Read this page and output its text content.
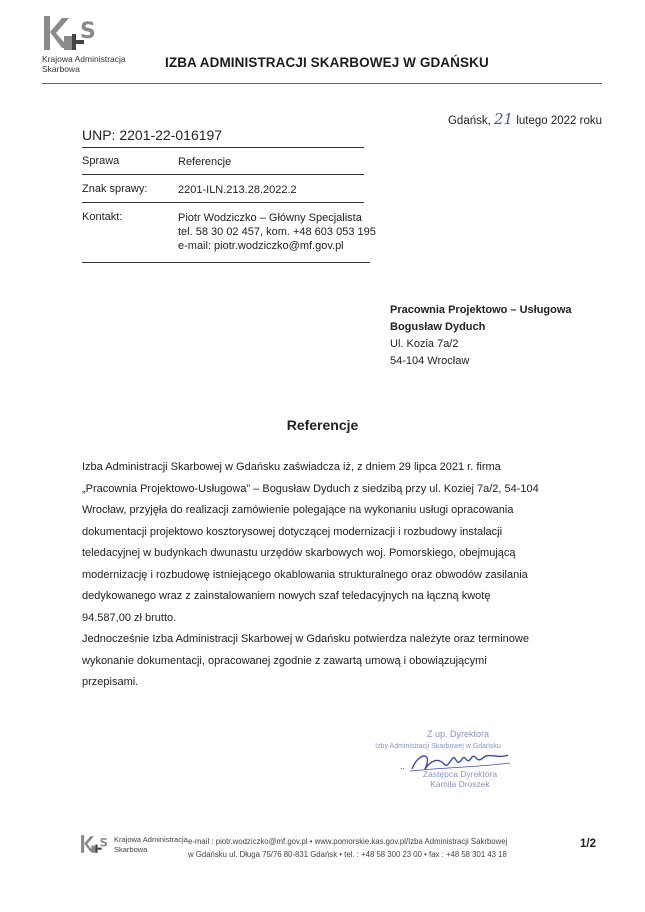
S
Krajowa Administracja
Skarbowa	IZBA ADMINISTRACJI SKARBOWEJ W GDAŃSKU
Gdańsk, 21 lutego 2022 roku
UNP: 2201-22-016197
Sprawa	Referencje
Znak sprawy:	2201-ILN.213.28.2022.2
Kontakt:	Piotr Wodziczko – Główny Specjalista
tel. 58 30 02 457, kom. +48 603 053 195
e-mail: piotr.wodziczko@mf.gov.pl
Pracownia Projektowo – Usługowa
Bogusław Dyduch
Ul. Kozia 7a/2
54-104 Wrocław
Referencje
Izba Administracji Skarbowej w Gdańsku zaświadcza iż, z dniem 29 lipca 2021 r. firma
„Pracownia Projektowo-Usługowa” – Bogusław Dyduch z siedzibą przy ul. Koziej 7a/2, 54-104
Wrocław, przyjęła do realizacji zamówienie polegające na wykonaniu usługi opracowania
dokumentacji projektowo kosztorysowej dotyczącej modernizacji i rozbudowy instalacji
teledacyjnej w budynkach dwunastu urzędów skarbowych woj. Pomorskiego, obejmującą
modernizację i rozbudowę istniejącego okablowania strukturalnego oraz obwodów zasilania
dedykowanego wraz z zainstalowaniem nowych szaf teledacyjnych na łączną kwotę
94.587,00 zł brutto.
Jednocześnie Izba Administracji Skarbowej w Gdańsku potwierdza należyte oraz terminowe
wykonanie dokumentacji, opracowanej zgodnie z zawartą umową i obowiązującymi
przepisami.
Z up. Dyrektora
Izby Administracji Skarbowej w Gdańsku
Zastępca Dyrektora
Kamila Droszek
..
S Krajowa Administracja
Skarbowa
e-mail : piotr.wodziczko@mf.gov.pl • www.pomorskie.kas.gov.pl/Izba Administracji Sakrbowej
w Gdańsku ul. Długa 75/76 80-831 Gdańsk • tel. : +48 58 300 23 00 • fax : +48 58 301 43 18
1/2
